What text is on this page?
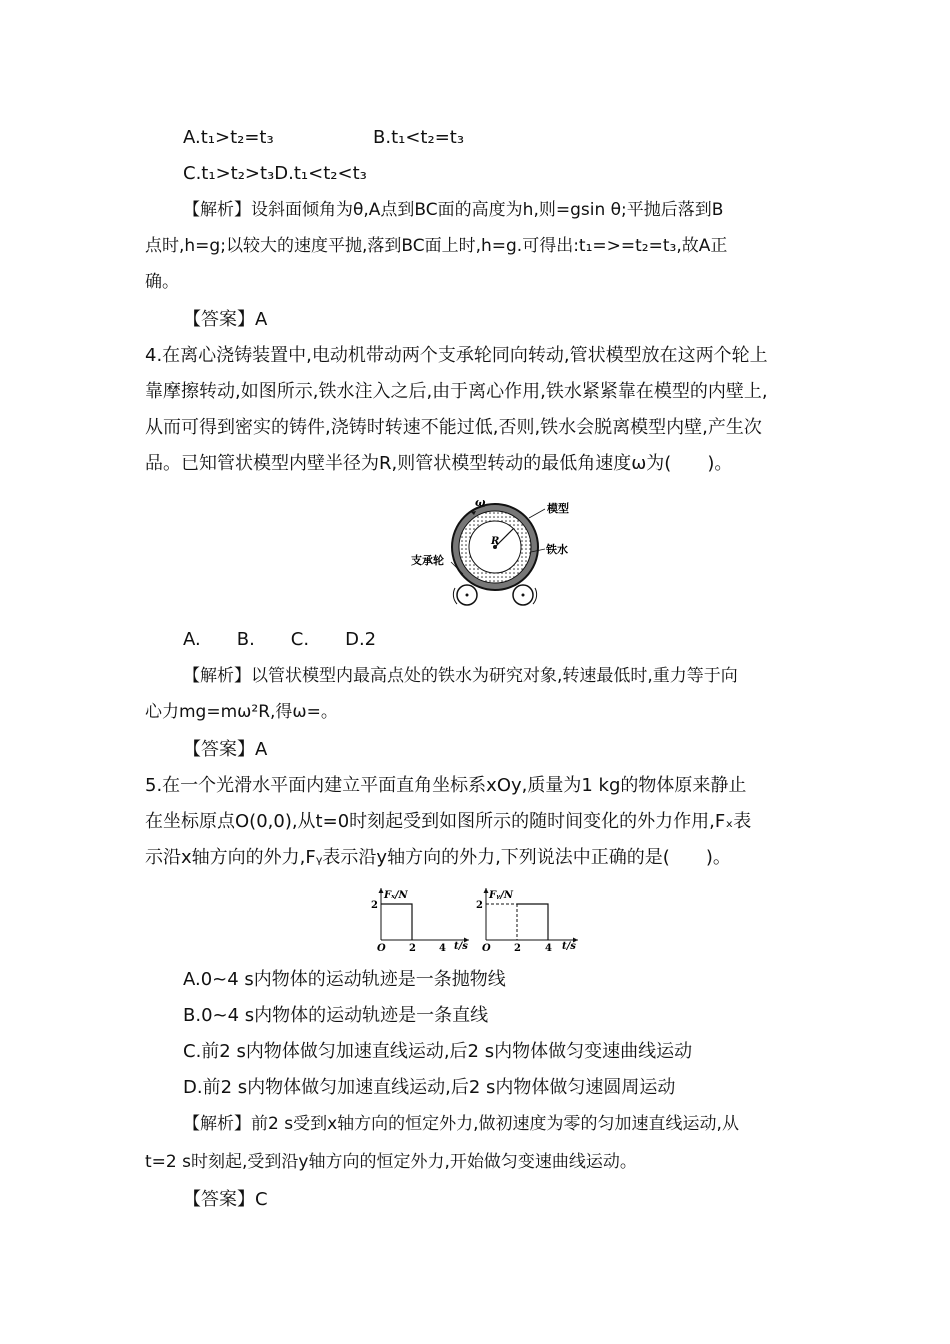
A.t₁>t₂=t₃	B.t₁<t₂=t₃
C.t₁>t₂>t₃D.t₁<t₂<t₃
【解析】设斜面倾角为θ,A点到BC面的高度为h,则=gsin θ;平抛后落到B
点时,h=g;以较大的速度平抛,落到BC面上时,h=g.可得出:t₁=>=t₂=t₃,故A正
确。
【答案】A
4.在离心浇铸装置中,电动机带动两个支承轮同向转动,管状模型放在这两个轮上
靠摩擦转动,如图所示,铁水注入之后,由于离心作用,铁水紧紧靠在模型的内壁上,
从而可得到密实的铸件,浇铸时转速不能过低,否则,铁水会脱离模型内壁,产生次
品。已知管状模型内壁半径为R,则管状模型转动的最低角速度ω为(　　)。
ω	模型
R
铁水
支承轮
A.　　B.　　C.　　D.2
【解析】以管状模型内最高点处的铁水为研究对象,转速最低时,重力等于向
心力mg=mω²R,得ω=。
【答案】A
5.在一个光滑水平面内建立平面直角坐标系xOy,质量为1 kg的物体原来静止
在坐标原点O(0,0),从t=0时刻起受到如图所示的随时间变化的外力作用,Fₓ表
示沿x轴方向的外力,Fᵧ表示沿y轴方向的外力,下列说法中正确的是(　　)。
Fₓ/N
2
O 2 4 t/s
Fᵧ/N
2
O 2 4 t/s
A.0~4 s内物体的运动轨迹是一条抛物线
B.0~4 s内物体的运动轨迹是一条直线
C.前2 s内物体做匀加速直线运动,后2 s内物体做匀变速曲线运动
D.前2 s内物体做匀加速直线运动,后2 s内物体做匀速圆周运动
【解析】前2 s受到x轴方向的恒定外力,做初速度为零的匀加速直线运动,从
t=2 s时刻起,受到沿y轴方向的恒定外力,开始做匀变速曲线运动。
【答案】C
